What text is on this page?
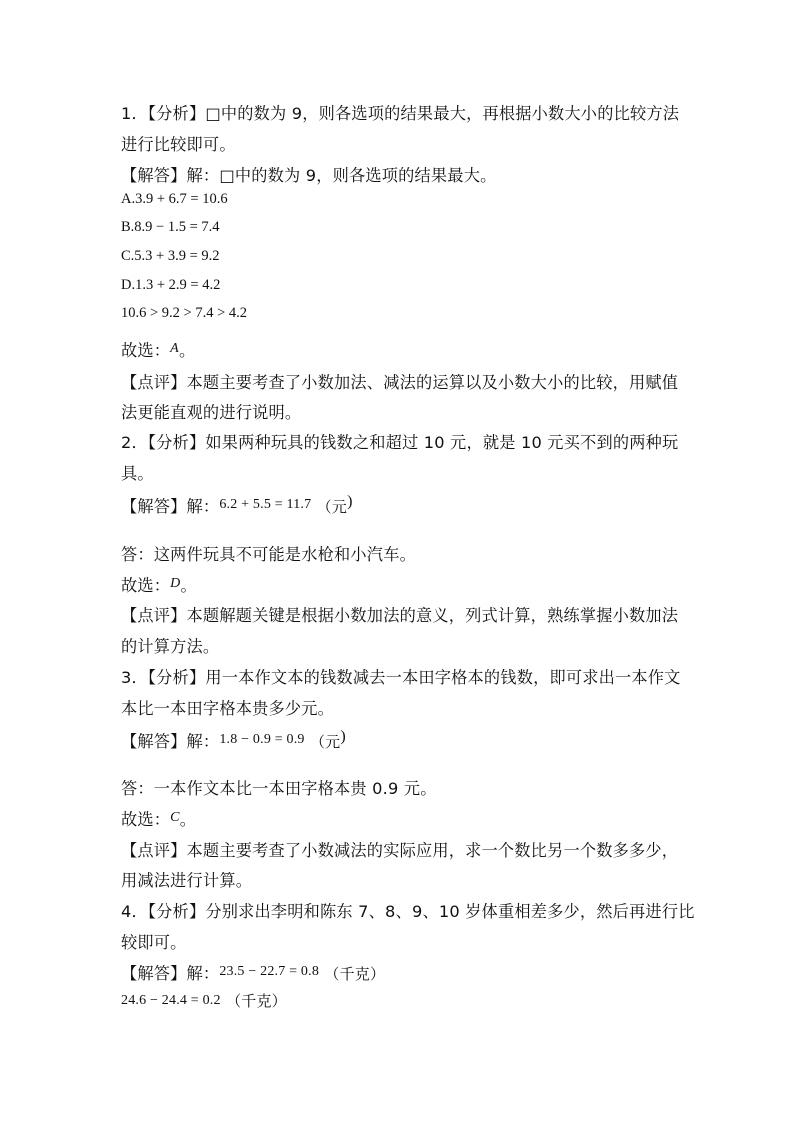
1．【分析】□中的数为 9，则各选项的结果最大，再根据小数大小的比较方法
进行比较即可。
【解答】解：□中的数为 9，则各选项的结果最大。
A.3.9 + 6.7 = 10.6
B.8.9 − 1.5 = 7.4
C.5.3 + 3.9 = 9.2
D.1.3 + 2.9 = 4.2
10.6 > 9.2 > 7.4 > 4.2
故选：A。
【点评】本题主要考查了小数加法、减法的运算以及小数大小的比较，用赋值
法更能直观的进行说明。
2．【分析】如果两种玩具的钱数之和超过 10 元，就是 10 元买不到的两种玩
具。
【解答】解：6.2 + 5.5 = 11.7 （元)
答：这两件玩具不可能是水枪和小汽车。
故选：D。
【点评】本题解题关键是根据小数加法的意义，列式计算，熟练掌握小数加法
的计算方法。
3．【分析】用一本作文本的钱数减去一本田字格本的钱数，即可求出一本作文
本比一本田字格本贵多少元。
【解答】解：1.8 − 0.9 = 0.9 （元)
答：一本作文本比一本田字格本贵 0.9 元。
故选：C。
【点评】本题主要考查了小数减法的实际应用，求一个数比另一个数多多少，
用减法进行计算。
4．【分析】分别求出李明和陈东 7、8、9、10 岁体重相差多少，然后再进行比
较即可。
【解答】解：23.5 − 22.7 = 0.8 （千克）
24.6 − 24.4 = 0.2 （千克）
